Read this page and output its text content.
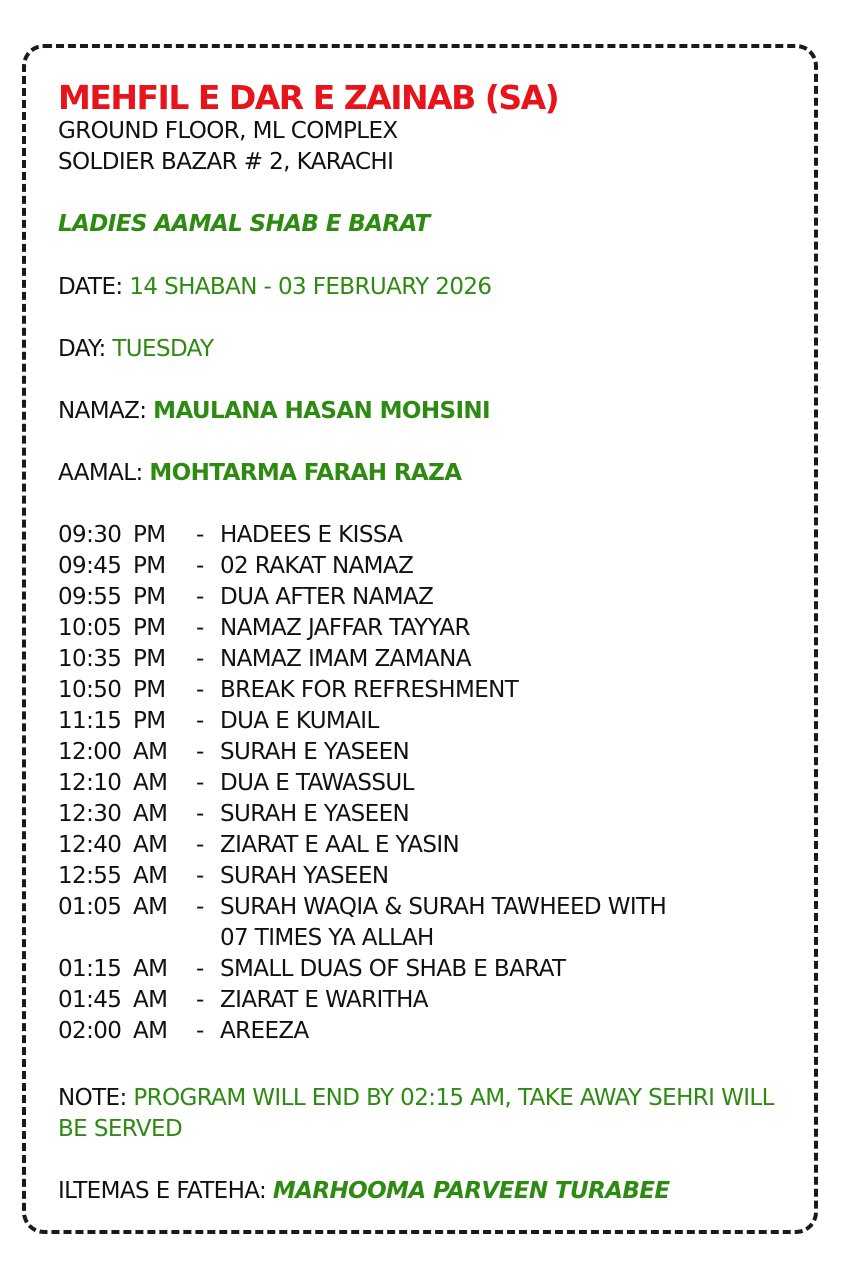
MEHFIL E DAR E ZAINAB (SA)
GROUND FLOOR, ML COMPLEX
SOLDIER BAZAR # 2, KARACHI
LADIES AAMAL SHAB E BARAT
DATE: 14 SHABAN - 03 FEBRUARY 2026
DAY: TUESDAY
NAMAZ: MAULANA HASAN MOHSINI
AAMAL: MOHTARMA FARAH RAZA
09:30 PM - HADEES E KISSA
09:45 PM - 02 RAKAT NAMAZ
09:55 PM - DUA AFTER NAMAZ
10:05 PM - NAMAZ JAFFAR TAYYAR
10:35 PM - NAMAZ IMAM ZAMANA
10:50 PM - BREAK FOR REFRESHMENT
11:15 PM - DUA E KUMAIL
12:00 AM - SURAH E YASEEN
12:10 AM - DUA E TAWASSUL
12:30 AM - SURAH E YASEEN
12:40 AM - ZIARAT E AAL E YASIN
12:55 AM - SURAH YASEEN
01:05 AM - SURAH WAQIA & SURAH TAWHEED WITH
07 TIMES YA ALLAH
01:15 AM - SMALL DUAS OF SHAB E BARAT
01:45 AM - ZIARAT E WARITHA
02:00 AM - AREEZA
NOTE: PROGRAM WILL END BY 02:15 AM, TAKE AWAY SEHRI WILL BE SERVED
ILTEMAS E FATEHA: MARHOOMA PARVEEN TURABEE
